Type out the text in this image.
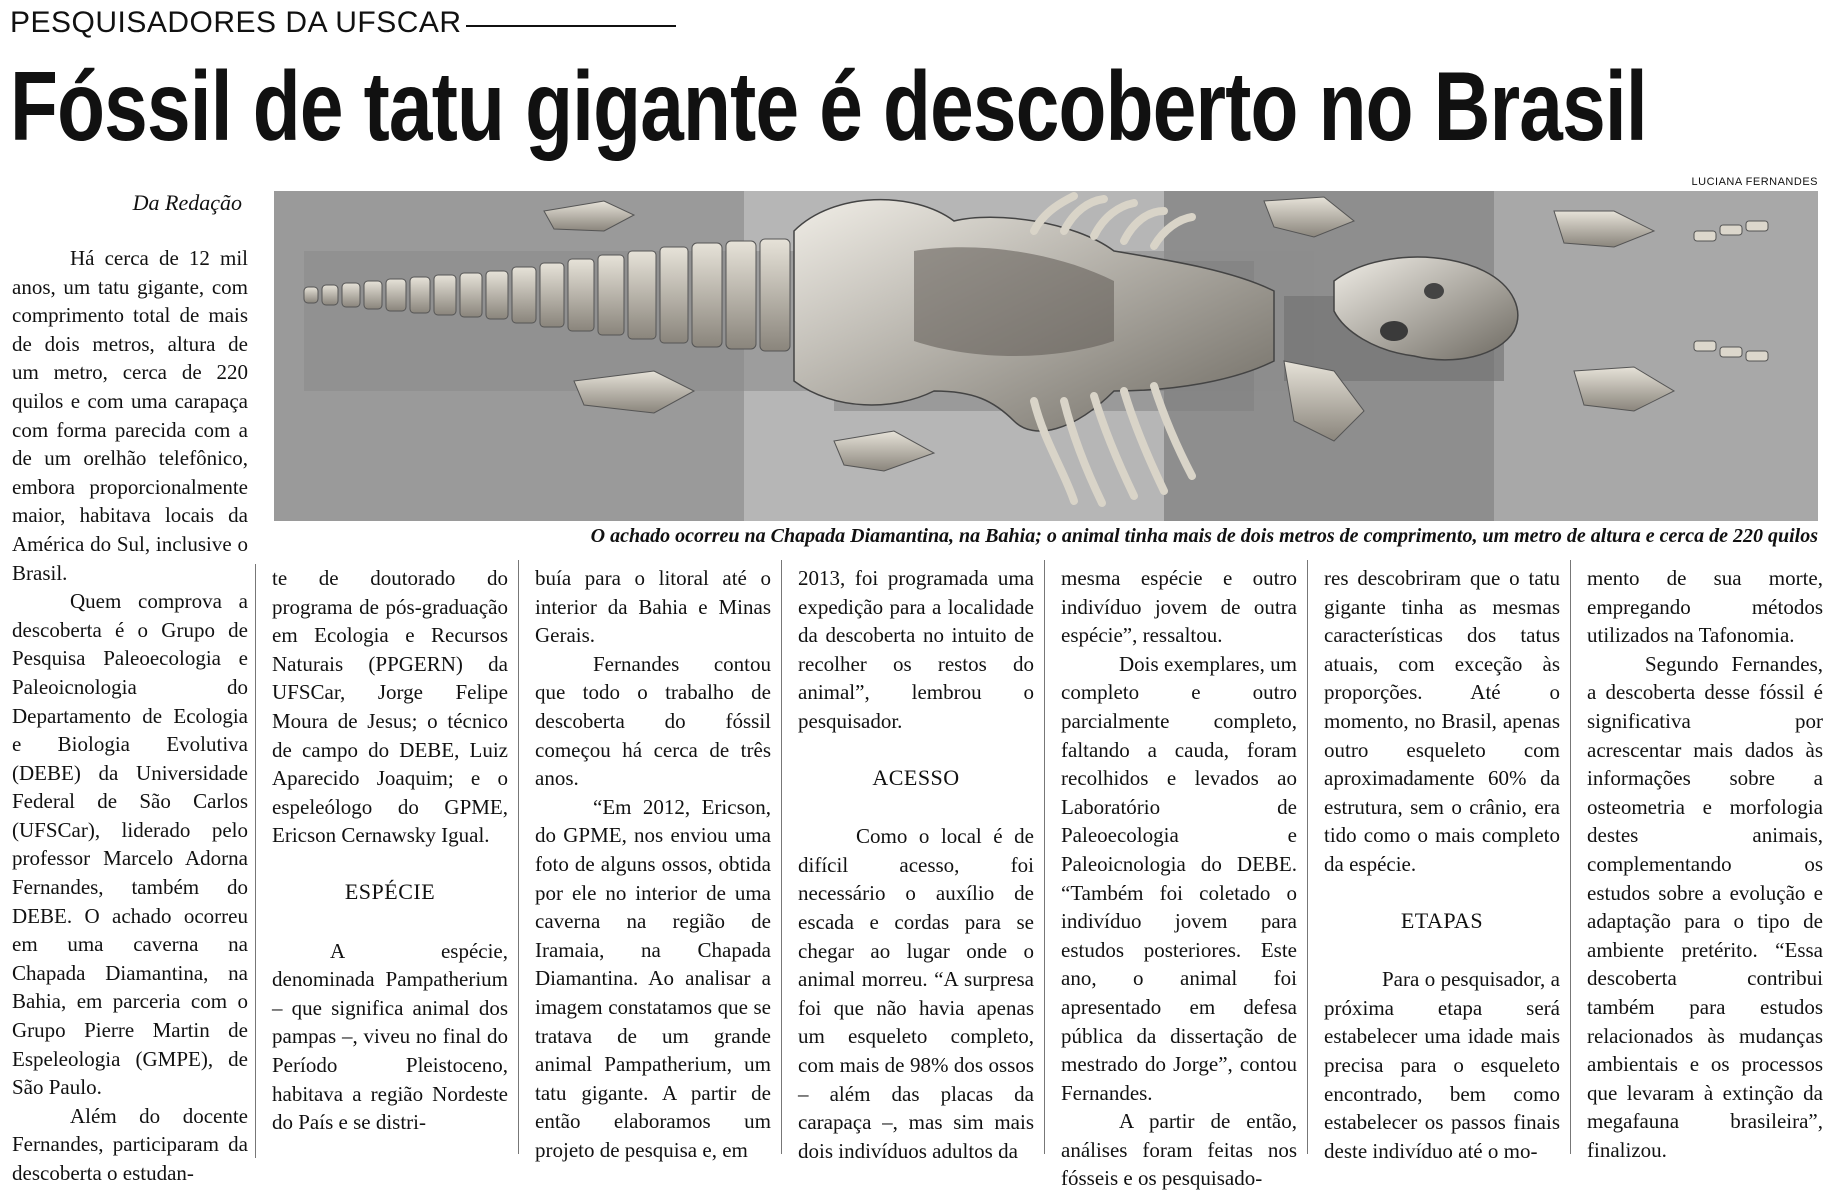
PESQUISADORES DA UFSCAR
Fóssil de tatu gigante é descoberto no Brasil
LUCIANA FERNANDES
Da Redação
O achado ocorreu na Chapada Diamantina, na Bahia; o animal tinha mais de dois metros de comprimento, um metro de altura e cerca de 220 quilos

Há cerca de 12 mil anos, um tatu gigante, com comprimento total de mais de dois metros, altura de um metro, cerca de 220 quilos e com uma carapaça com forma parecida com a de um orelhão telefônico, embora proporcionalmente maior, habitava locais da América do Sul, inclusive o Brasil.

Quem comprova a descoberta é o Grupo de Pesquisa Paleoecologia e Paleoicnologia do Departamento de Ecologia e Biologia Evolutiva (DEBE) da Universidade Federal de São Carlos (UFSCar), liderado pelo professor Marcelo Adorna Fernandes, também do DEBE. O achado ocorreu em uma caverna na Chapada Diamantina, na Bahia, em parceria com o Grupo Pierre Martin de Espeleologia (GMPE), de São Paulo.

Além do docente Fernandes, participaram da descoberta o estudan-

te de doutorado do programa de pós-graduação em Ecologia e Recursos Naturais (PPGERN) da UFSCar, Jorge Felipe Moura de Jesus; o técnico de campo do DEBE, Luiz Aparecido Joaquim; e o espeleólogo do GPME, Ericson Cernawsky Igual.

ESPÉCIE

A espécie, denominada Pampatherium – que significa animal dos pampas –, viveu no final do Período Pleistoceno, habitava a região Nordeste do País e se distri-

buía para o litoral até o interior da Bahia e Minas Gerais.

Fernandes contou que todo o trabalho de descoberta do fóssil começou há cerca de três anos.

“Em 2012, Ericson, do GPME, nos enviou uma foto de alguns ossos, obtida por ele no interior de uma caverna na região de Iramaia, na Chapada Diamantina. Ao analisar a imagem constatamos que se tratava de um grande animal Pampatherium, um tatu gigante. A partir de então elaboramos um projeto de pesquisa e, em

2013, foi programada uma expedição para a localidade da descoberta no intuito de recolher os restos do animal”, lembrou o pesquisador.

ACESSO

Como o local é de difícil acesso, foi necessário o auxílio de escada e cordas para se chegar ao lugar onde o animal morreu. “A surpresa foi que não havia apenas um esqueleto completo, com mais de 98% dos ossos – além das placas da carapaça –, mas sim mais dois indivíduos adultos da

mesma espécie e outro indivíduo jovem de outra espécie”, ressaltou.

Dois exemplares, um completo e outro parcialmente completo, faltando a cauda, foram recolhidos e levados ao Laboratório de Paleoecologia e Paleoicnologia do DEBE. “Também foi coletado o indivíduo jovem para estudos posteriores. Este ano, o animal foi apresentado em defesa pública da dissertação de mestrado do Jorge”, contou Fernandes.

A partir de então, análises foram feitas nos fósseis e os pesquisado-

res descobriram que o tatu gigante tinha as mesmas características dos tatus atuais, com exceção às proporções. Até o momento, no Brasil, apenas outro esqueleto com aproximadamente 60% da estrutura, sem o crânio, era tido como o mais completo da espécie.

ETAPAS

Para o pesquisador, a próxima etapa será estabelecer uma idade mais precisa para o esqueleto encontrado, bem como estabelecer os passos finais deste indivíduo até o mo-

mento de sua morte, empregando métodos utilizados na Tafonomia.

Segundo Fernandes, a descoberta desse fóssil é significativa por acrescentar mais dados às informações sobre a osteometria e morfologia destes animais, complementando os estudos sobre a evolução e adaptação para o tipo de ambiente pretérito. “Essa descoberta contribui também para estudos relacionados às mudanças ambientais e os processos que levaram à extinção da megafauna brasileira”, finalizou.
